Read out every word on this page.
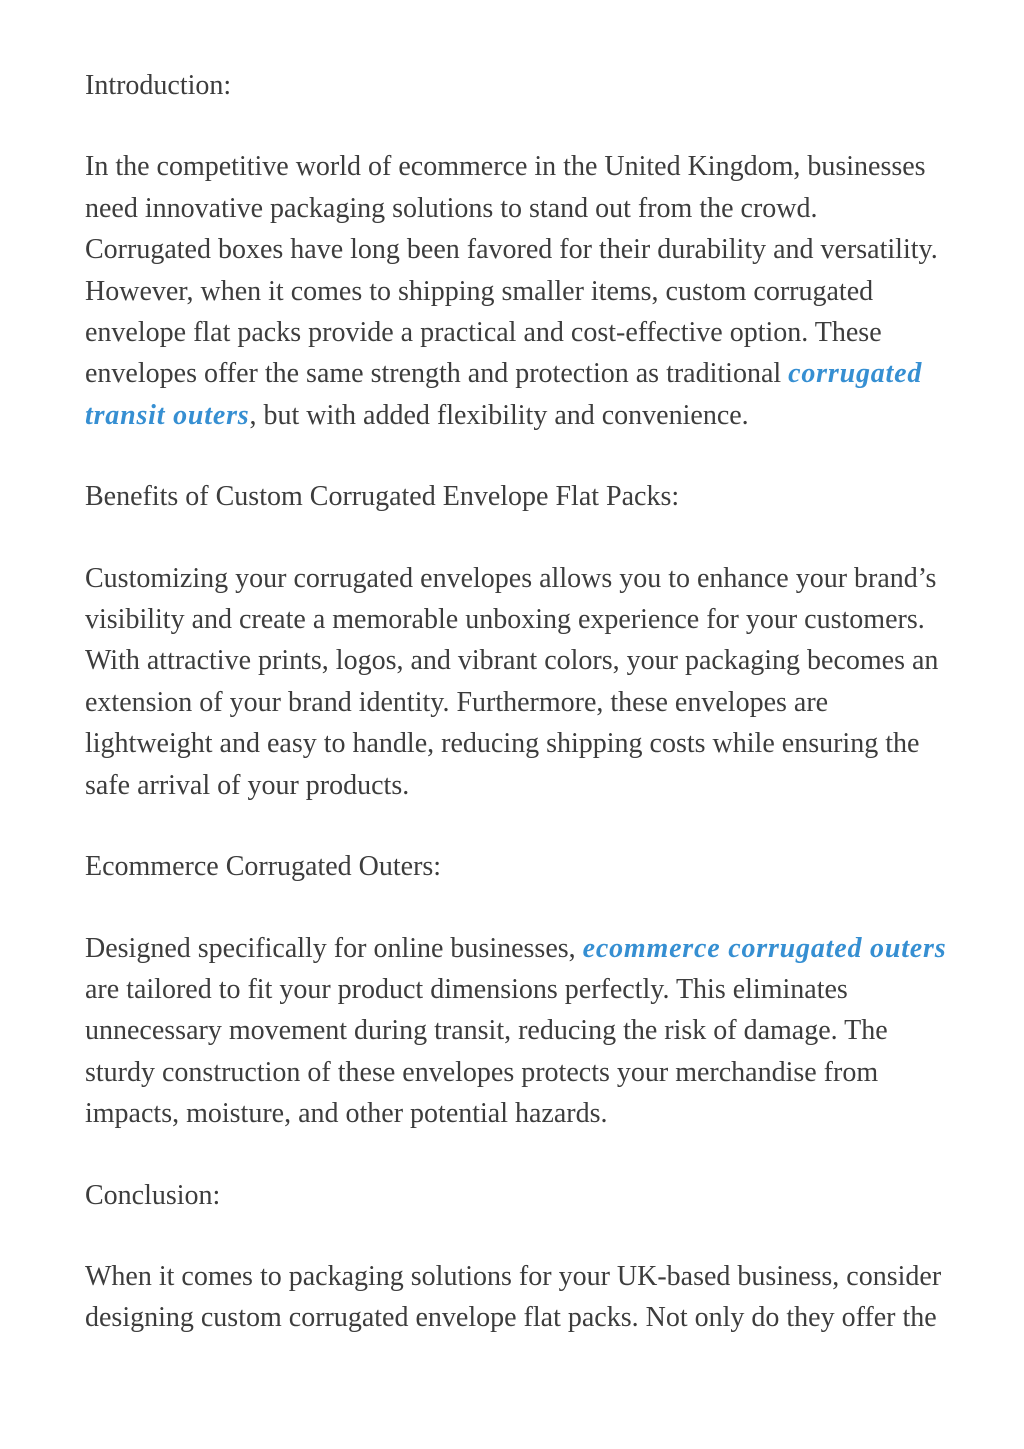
Introduction:

In the competitive world of ecommerce in the United Kingdom, businesses need innovative packaging solutions to stand out from the crowd. Corrugated boxes have long been favored for their durability and versatility. However, when it comes to shipping smaller items, custom corrugated envelope flat packs provide a practical and cost-effective option. These envelopes offer the same strength and protection as traditional corrugated transit outers, but with added flexibility and convenience.

Benefits of Custom Corrugated Envelope Flat Packs:

Customizing your corrugated envelopes allows you to enhance your brand’s visibility and create a memorable unboxing experience for your customers. With attractive prints, logos, and vibrant colors, your packaging becomes an extension of your brand identity. Furthermore, these envelopes are lightweight and easy to handle, reducing shipping costs while ensuring the safe arrival of your products.

Ecommerce Corrugated Outers:

Designed specifically for online businesses, ecommerce corrugated outers are tailored to fit your product dimensions perfectly. This eliminates unnecessary movement during transit, reducing the risk of damage. The sturdy construction of these envelopes protects your merchandise from impacts, moisture, and other potential hazards.

Conclusion:

When it comes to packaging solutions for your UK-based business, consider designing custom corrugated envelope flat packs. Not only do they offer the
